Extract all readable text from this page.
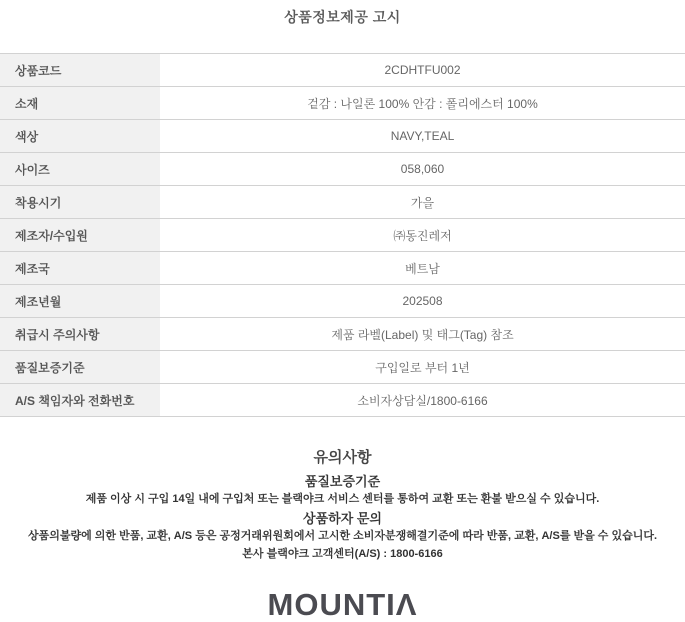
상품정보제공 고시
상품코드	2CDHTFU002
소재	겉감 : 나일론 100% 안감 : 폴리에스터 100%
색상	NAVY,TEAL
사이즈	058,060
착용시기	가을
제조자/수입원	㈜동진레저
제조국	베트남
제조년월	202508
취급시 주의사항	제품 라벨(Label) 및 태그(Tag) 참조
품질보증기준	구입일로 부터 1년
A/S 책임자와 전화번호	소비자상담실/1800-6166
유의사항
품질보증기준

제품 이상 시 구입 14일 내에 구입처 또는 블랙야크 서비스 센터를 통하여 교환 또는 환불 받으실 수 있습니다.

상품하자 문의

상품의불량에 의한 반품, 교환, A/S 등은 공정거래위원회에서 고시한 소비자분쟁해결기준에 따라 반품, 교환, A/S를 받을 수 있습니다.

본사 블랙야크 고객센터(A/S) : 1800-6166

MOUNTIΛ
